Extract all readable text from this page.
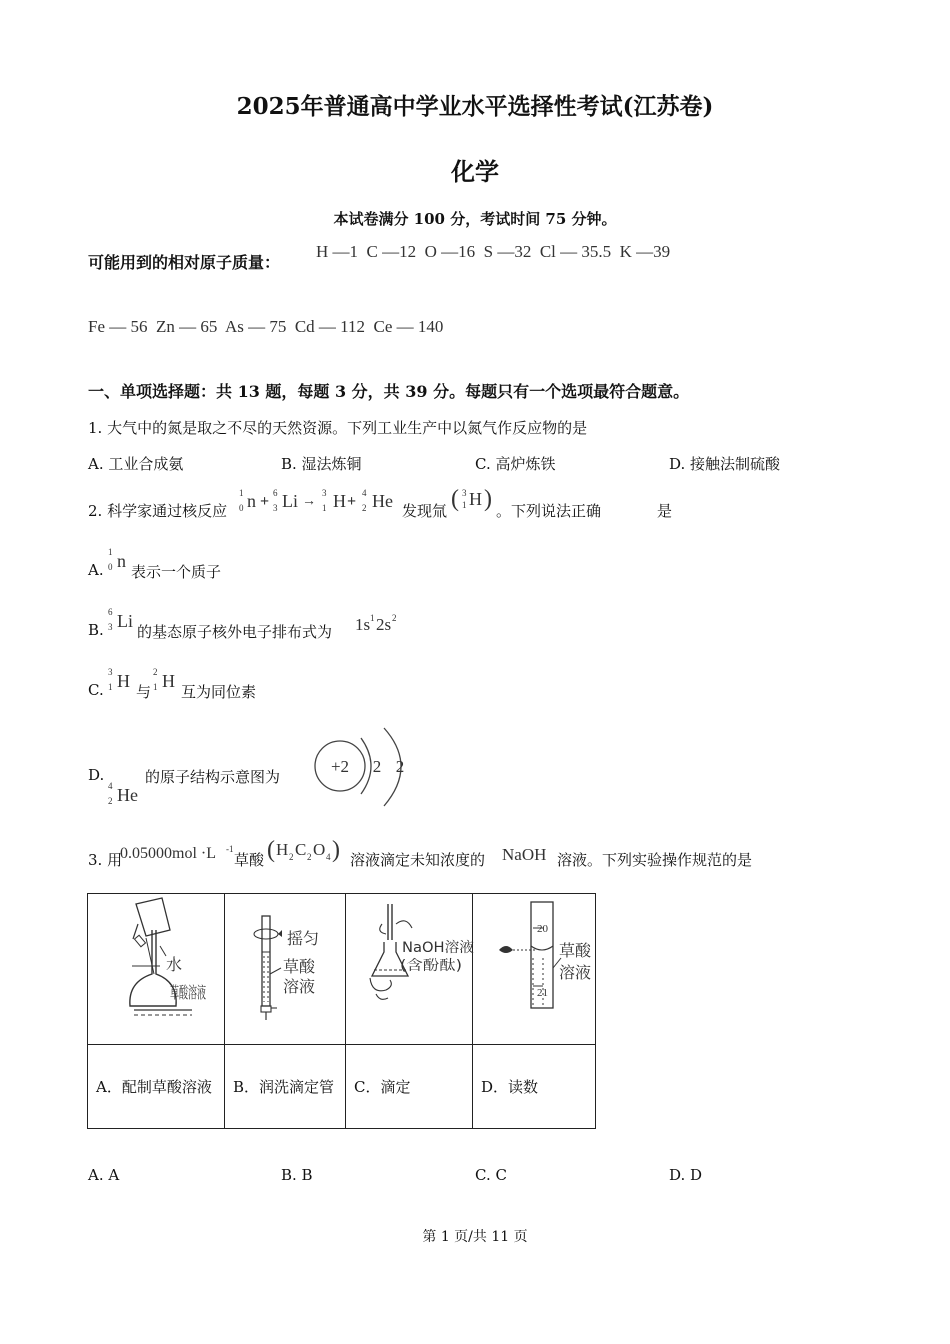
2025年普通高中学业水平选择性考试(江苏卷)
化学
本试卷满分 100 分，考试时间 75 分钟。
可能用到的相对原子质量：
H —1  C —12  O —16  S —32  Cl — 35.5  K —39
Fe — 56  Zn — 65  As — 75  Cd — 112  Ce — 140
一、单项选择题：共 13 题，每题 3 分，共 39 分。每题只有一个选项最符合题意。
1. 大气中的氮是取之不尽的天然资源。下列工业生产中以氮气作反应物的是
A. 工业合成氨	B. 湿法炼铜	C. 高炉炼铁	D. 接触法制硫酸
2. 科学家通过核反应
1
0 n + 6
3 Li →
3
1 H + 4
2 He 发现氚 ( 3
1 H ) 。下列说法正确	是
A.
1
0 n
表示一个质子
B.
6
3 Li
的基态原子核外电子排布式为 1s 1 2s 2
C.
3
1 H
与
2
1 H
互为同位素
D.
4
2 He
的原子结构示意图为
+2 2 2
3. 用
0.05000mol ·L -1
草酸 ( H 2 C 2 O 4 ) 溶液滴定未知浓度的 NaOH 溶液。下列实验操作规范的是
水
草酸溶液	摇匀
草酸
溶液	NaOH溶液
(含酚酞)	20
21
草酸
溶液

A．配制草酸溶液	B．润洗滴定管	C．滴定	D．读数
A. A	B. B	C. C	D. D
第 1 页/共 11 页
